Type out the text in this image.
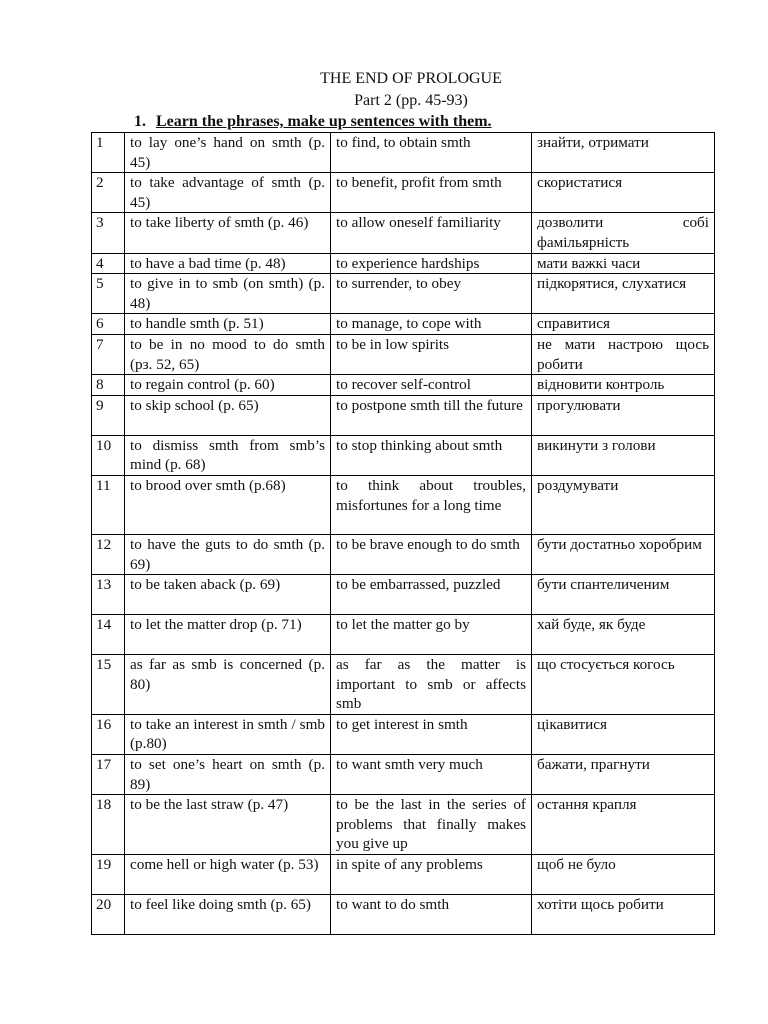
THE END OF PROLOGUE
Part 2 (pp. 45-93)
1. Learn the phrases, make up sentences with them.
1	to lay one’s hand on smth (p. 45)	to find, to obtain smth	знайти, отримати
2	to take advantage of smth (p. 45)	to benefit, profit from smth	скористатися
3	to take liberty of smth (p. 46)	to allow oneself familiarity	дозволити собі фамільярність
4	to have a bad time (p. 48)	to experience hardships	мати важкі часи
5	to give in to smb (on smth) (p. 48)	to surrender, to obey	підкорятися, слухатися
6	to handle smth (p. 51)	to manage, to cope with	справитися
7	to be in no mood to do smth (pз. 52, 65)	to be in low spirits	не мати настрою щось робити
8	to regain control (p. 60)	to recover self-control	відновити контроль
9	to skip school (p. 65)	to postpone smth till the future	прогулювати
10	to dismiss smth from smb’s mind (p. 68)	to stop thinking about smth	викинути з голови
11	to brood over smth (p.68)	to think about troubles, misfortunes for a long time	роздумувати
12	to have the guts to do smth (p. 69)	to be brave enough to do smth	бути достатньо хоробрим
13	to be taken aback (p. 69)	to be embarrassed, puzzled	бути спантеличеним
14	to let the matter drop (p. 71)	to let the matter go by	хай буде, як буде
15	as far as smb is concerned (p. 80)	as far as the matter is important to smb or affects smb	що стосується когось
16	to take an interest in smth / smb (p.80)	to get interest in smth	цікавитися
17	to set one’s heart on smth (p. 89)	to want smth very much	бажати, прагнути
18	to be the last straw (p. 47)	to be the last in the series of problems that finally makes you give up	остання крапля
19	come hell or high water (p. 53)	in spite of any problems	щоб не було
20	to feel like doing smth (p. 65)	to want to do smth	хотіти щось робити
